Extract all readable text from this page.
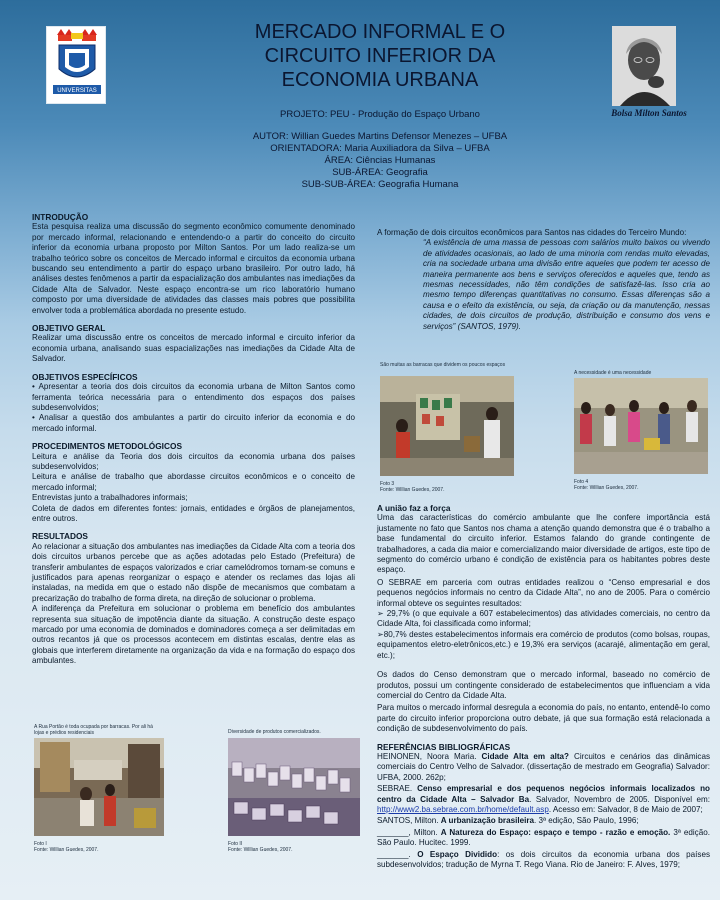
UNIVERSITAS
MERCADO INFORMAL E O
CIRCUITO INFERIOR DA
ECONOMIA URBANA
Bolsa Milton Santos
PROJETO: PEU - Produção do Espaço Urbano
AUTOR: Willian Guedes Martins Defensor Menezes – UFBA
ORIENTADORA: Maria Auxiliadora da Silva – UFBA
ÁREA: Ciências Humanas
SUB-ÁREA: Geografia
SUB-SUB-ÁREA: Geografia Humana
INTRODUÇÃO
Esta pesquisa realiza uma discussão do segmento econômico comumente denominado por mercado informal, relacionando e entendendo-o a partir do conceito do circuito inferior da economia urbana proposto por Milton Santos. Por um lado realiza-se um trabalho teórico sobre os conceitos de Mercado informal e circuitos da economia urbana buscando seu entendimento a partir do espaço urbano brasileiro. Por outro lado, há análises destes fenômenos a partir da espacialização dos ambulantes nas imediações da Cidade Alta de Salvador. Neste espaço encontra-se um rico laboratório humano composto por uma diversidade de atividades das classes mais pobres que possibilita envolver toda a problemática abordada no presente estudo.
OBJETIVO GERAL
Realizar uma discussão entre os conceitos de mercado informal e circuito inferior da economia urbana, analisando suas espacializações nas imediações da Cidade Alta de Salvador.
OBJETIVOS ESPECÍFICOS
• Apresentar a teoria dos dois circuitos da economia urbana de Milton Santos como ferramenta teórica necessária para o entendimento dos espaços dos países subdesenvolvidos;
• Analisar a questão dos ambulantes a partir do circuito inferior da economia e do mercado informal.
PROCEDIMENTOS METODOLÓGICOS
Leitura e análise da Teoria dos dois circuitos da economia urbana dos países subdesenvolvidos;
Leitura e análise de trabalho que abordasse circuitos econômicos e o conceito de mercado informal;
Entrevistas junto a trabalhadores informais;
Coleta de dados em diferentes fontes: jornais, entidades e órgãos de planejamentos, entre outros.
RESULTADOS
Ao relacionar a situação dos ambulantes nas imediações da Cidade Alta com a teoria dos dois circuitos urbanos percebe que as ações adotadas pelo Estado (Prefeitura) de transferir ambulantes de espaços valorizados e criar camelódromos tornam-se comuns e justificados para apenas reorganizar o espaço e atender os reclames das lojas ali instaladas, na medida em que o estado não dispõe de mecanismos que combatam a precarização do trabalho de forma direta, na direção de solucionar o problema.
A indiferença da Prefeitura em solucionar o problema em benefício dos ambulantes representa sua situação de impotência diante da situação. A construção deste espaço marcado por uma economia de dominados e dominadores começa a ser delimitadas em outros recantos já que os processos acontecem em distintas escalas, dentre elas as globais que interferem diretamente na organização da vida e na formação do espaço dos ambulantes.
A Rua Portão é toda ocupada por barracas. Por ali há lojas e prédios residenciais
Foto I
Fonte: Willian Guedes, 2007.
Diversidade de produtos comercializados.
Foto II
Fonte: Willian Guedes, 2007.
A formação de dois circuitos econômicos para Santos nas cidades do Terceiro Mundo:
“A existência de uma massa de pessoas com salários muito baixos ou vivendo de atividades ocasionais, ao lado de uma minoria com rendas muito elevadas, cria na sociedade urbana uma divisão entre aqueles que podem ter acesso de maneira permanente aos bens e serviços oferecidos e aqueles que, tendo as mesmas necessidades, não têm condições de satisfazê-las. Isso cria ao mesmo tempo diferenças quantitativas no consumo. Essas diferenças são a causa e o efeito da existência, ou seja, da criação ou da manutenção, nessas cidades, de dois circuitos de produção, distribuição e consumo dos vens e serviços” (SANTOS, 1979).
São muitas as barracas que dividem os poucos espaços
Foto 3
Fonte: Willian Guedes, 2007.
A necessidade é uma necessidade
Foto 4
Fonte: Willian Guedes, 2007.
A união faz a força
Uma das características do comércio ambulante que lhe confere importância está justamente no fato que Santos nos chama a atenção quando demonstra que é o trabalho a base fundamental do circuito inferior. Estamos falando do grande contingente de trabalhadores, a cada dia maior e comercializando maior diversidade de artigos, este tipo de segmento do comércio urbano é condição de existência para os habitantes pobres deste espaço.
O SEBRAE em parceria com outras entidades realizou o “Censo empresarial e dos pequenos negócios informais no centro da Cidade Alta”, no ano de 2005. Para o comércio informal obteve os seguintes resultados:
➢ 29,7% (o que equivale a 607 estabelecimentos) das atividades comerciais, no centro da Cidade Alta, foi classificada como informal;
➢80,7% destes estabelecimentos informais era comércio de produtos (como bolsas, roupas, equipamentos eletro-eletrônicos,etc.) e 19,3% era serviços (acarajé, alimentação em geral, etc.);
Os dados do Censo demonstram que o mercado informal, baseado no comércio de produtos, possui um contingente considerado de estabelecimentos que influenciam a vida comercial do Centro da Cidade Alta.
Para muitos o mercado informal desregula a economia do país, no entanto, entendê-lo como parte do circuito inferior proporciona outro debate, já que sua formação está relacionada a condição de subdesenvolvimento do país.
REFERÊNCIAS BIBLIOGRÁFICAS

HEINONEN, Noora Maria. Cidade Alta em alta? Circuitos e cenários das dinâmicas comerciais do Centro Velho de Salvador. (dissertação de mestrado em Geografia) Salvador: UFBA, 2000. 262p;

SEBRAE. Censo empresarial e dos pequenos negócios informais localizados no centro da Cidade Alta – Salvador Ba. Salvador, Novembro de 2005. Disponível em: http://www2.ba.sebrae.com.br/home/default.asp. Acesso em: Salvador, 8 de Maio de 2007;

SANTOS, Milton. A urbanização brasileira. 3ª edição, São Paulo, 1996;

_______, Milton. A Natureza do Espaço: espaço e tempo - razão e emoção. 3ª edição. São Paulo. Hucitec. 1999.

_______. O Espaço Dividido: os dois circuitos da economia urbana dos países subdesenvolvidos; tradução de Myrna T. Rego Viana. Rio de Janeiro: F. Alves, 1979;
